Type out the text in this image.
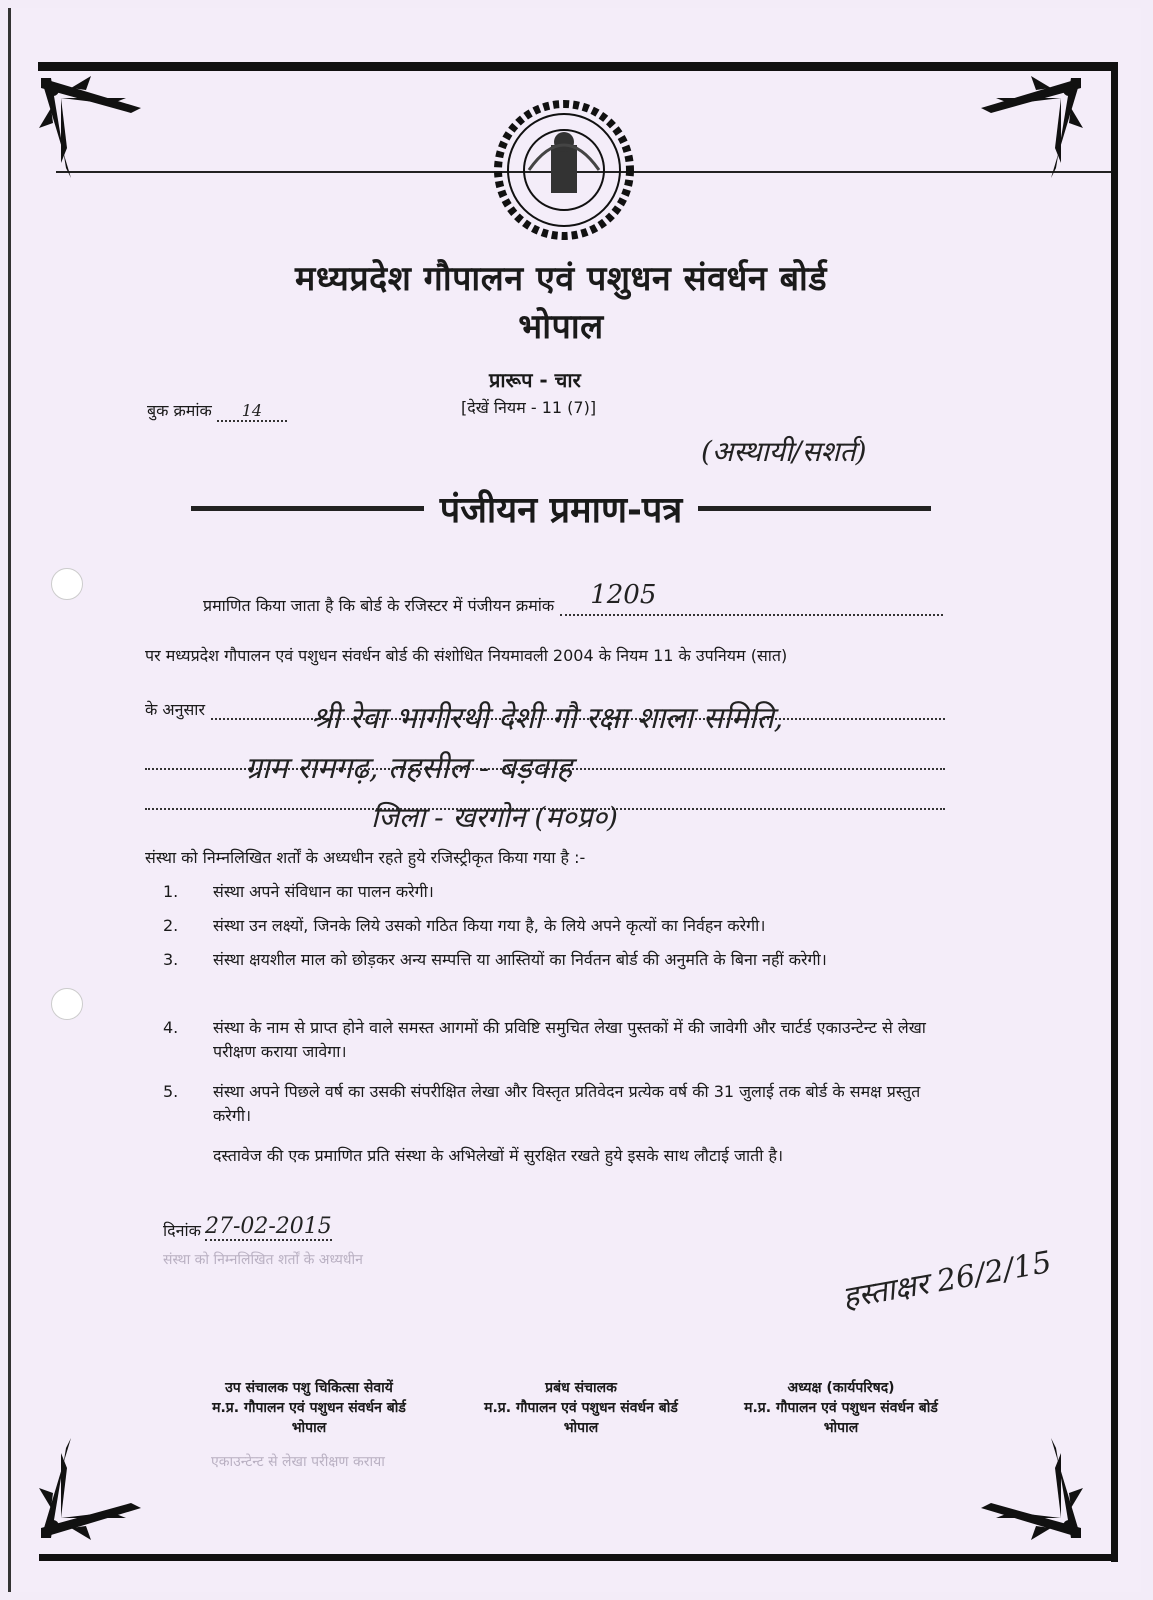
मध्यप्रदेश गौपालन एवं पशुधन संवर्धन बोर्ड
भोपाल
प्रारूप - चार
[देखें नियम - 11 (7)]
बुक क्रमांक 14
(अस्थायी/सशर्त)
पंजीयन प्रमाण-पत्र
प्रमाणित किया जाता है कि बोर्ड के रजिस्टर में पंजीयन क्रमांक 1205
पर मध्यप्रदेश गौपालन एवं पशुधन संवर्धन बोर्ड की संशोधित नियमावली 2004 के नियम 11 के उपनियम (सात)
के अनुसार	श्री रेवा भागीरथी देशी गौ रक्षा शाला समिति,
ग्राम रामगढ़, तहसील - बड़वाह
जिला - खरगोन (म०प्र०)
संस्था को निम्नलिखित शर्तों के अध्यधीन रहते हुये रजिस्ट्रीकृत किया गया है :-
1. संस्था अपने संविधान का पालन करेगी।
2. संस्था उन लक्ष्यों, जिनके लिये उसको गठित किया गया है, के लिये अपने कृत्यों का निर्वहन करेगी।
3. संस्था क्षयशील माल को छोड़कर अन्य सम्पत्ति या आस्तियों का निर्वतन बोर्ड की अनुमति के बिना नहीं करेगी।
4. संस्था के नाम से प्राप्त होने वाले समस्त आगमों की प्रविष्टि समुचित लेखा पुस्तकों में की जावेगी और चार्टर्ड एकाउन्टेन्ट से लेखा परीक्षण कराया जावेगा।
5. संस्था अपने पिछले वर्ष का उसकी संपरीक्षित लेखा और विस्तृत प्रतिवेदन प्रत्येक वर्ष की 31 जुलाई तक बोर्ड के समक्ष प्रस्तुत करेगी।
दस्तावेज की एक प्रमाणित प्रति संस्था के अभिलेखों में सुरक्षित रखते हुये इसके साथ लौटाई जाती है।
दिनांक 27-02-2015
संस्था को निम्नलिखित शर्तों के अध्यधीन
एकाउन्टेन्ट से लेखा परीक्षण कराया
हस्ताक्षर 26/2/15
उप संचालक पशु चिकित्सा सेवायें
म.प्र. गौपालन एवं पशुधन संवर्धन बोर्ड
भोपाल
प्रबंध संचालक
म.प्र. गौपालन एवं पशुधन संवर्धन बोर्ड
भोपाल
अध्यक्ष (कार्यपरिषद)
म.प्र. गौपालन एवं पशुधन संवर्धन बोर्ड
भोपाल
